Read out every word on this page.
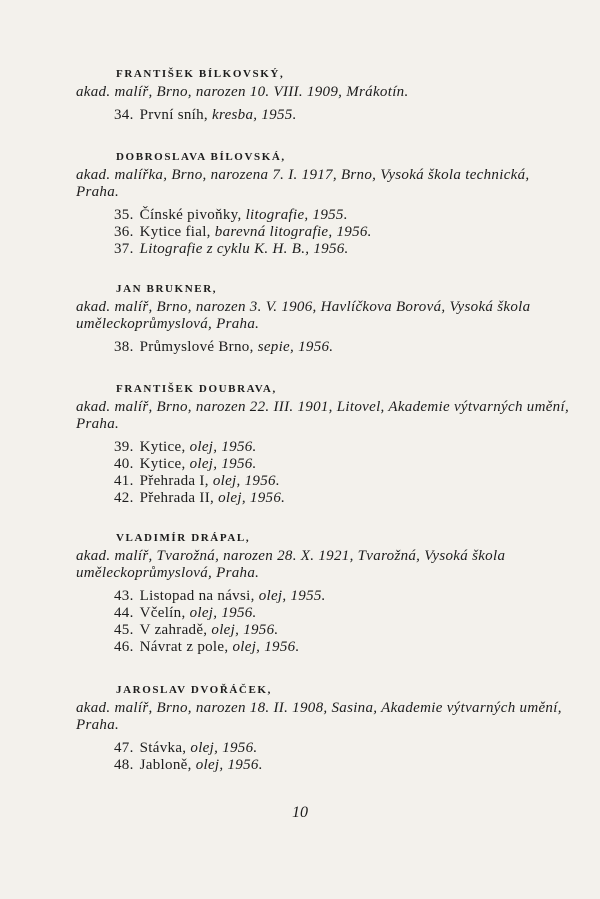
FRANTIŠEK BÍLKOVSKÝ,
akad. malíř, Brno, narozen 10. VIII. 1909, Mrákotín.
34. První sníh, kresba, 1955.
DOBROSLAVA BÍLOVSKÁ,
akad. malířka, Brno, narozena 7. I. 1917, Brno, Vysoká škola technická, Praha.
35. Čínské pivoňky, litografie, 1955.
36. Kytice fial, barevná litografie, 1956.
37. Litografie z cyklu K. H. B., 1956.
JAN BRUKNER,
akad. malíř, Brno, narozen 3. V. 1906, Havlíčkova Borová, Vysoká škola uměleckoprůmyslová, Praha.
38. Průmyslové Brno, sepie, 1956.
FRANTIŠEK DOUBRAVA,
akad. malíř, Brno, narozen 22. III. 1901, Litovel, Akademie výtvarných umění, Praha.
39. Kytice, olej, 1956.
40. Kytice, olej, 1956.
41. Přehrada I, olej, 1956.
42. Přehrada II, olej, 1956.
VLADIMÍR DRÁPAL,
akad. malíř, Tvarožná, narozen 28. X. 1921, Tvarožná, Vysoká škola uměleckoprůmyslová, Praha.
43. Listopad na návsi, olej, 1955.
44. Včelín, olej, 1956.
45. V zahradě, olej, 1956.
46. Návrat z pole, olej, 1956.
JAROSLAV DVOŘÁČEK,
akad. malíř, Brno, narozen 18. II. 1908, Sasina, Akademie výtvarných umění, Praha.
47. Stávka, olej, 1956.
48. Jabloně, olej, 1956.
10
